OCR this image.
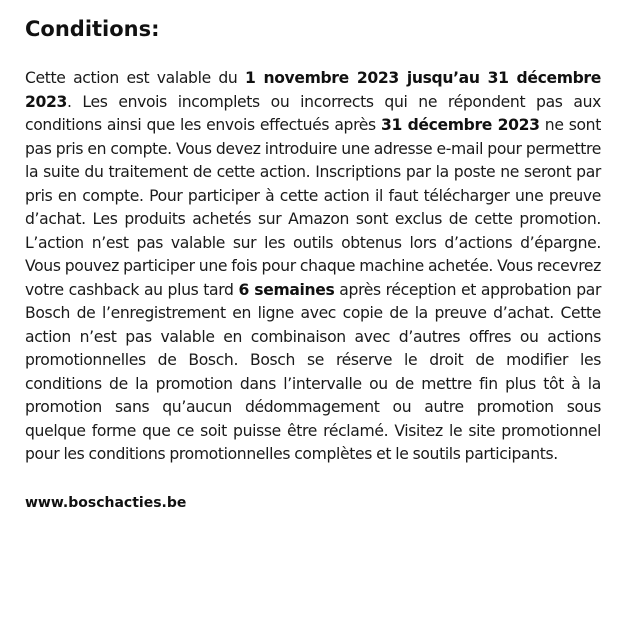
Conditions:

Cette action est valable du 1 novembre 2023 jusqu’au 31 décembre 2023. Les envois incomplets ou incorrects qui ne répondent pas aux conditions ainsi que les envois effectués après 31 décembre 2023 ne sont pas pris en compte. Vous devez introduire une adresse e-mail pour permettre la suite du traitement de cette action. Inscriptions par la poste ne seront par pris en compte. Pour participer à cette action il faut télécharger une preuve d’achat. Les produits achetés sur Amazon sont exclus de cette promotion. L’action n’est pas valable sur les outils obtenus lors d’actions d’épargne. Vous pouvez participer une fois pour chaque machine achetée. Vous recevrez votre cashback au plus tard 6 semaines après réception et approbation par Bosch de l’enregistrement en ligne avec copie de la preuve d’achat. Cette action n’est pas valable en combinaison avec d’autres offres ou actions promotionnelles de Bosch. Bosch se réserve le droit de modifier les conditions de la promotion dans l’intervalle ou de mettre fin plus tôt à la promotion sans qu’aucun dédommagement ou autre promotion sous quelque forme que ce soit puisse être réclamé. Visitez le site promotionnel pour les conditions promotionnelles complètes et le soutils participants.

www.boschacties.be
